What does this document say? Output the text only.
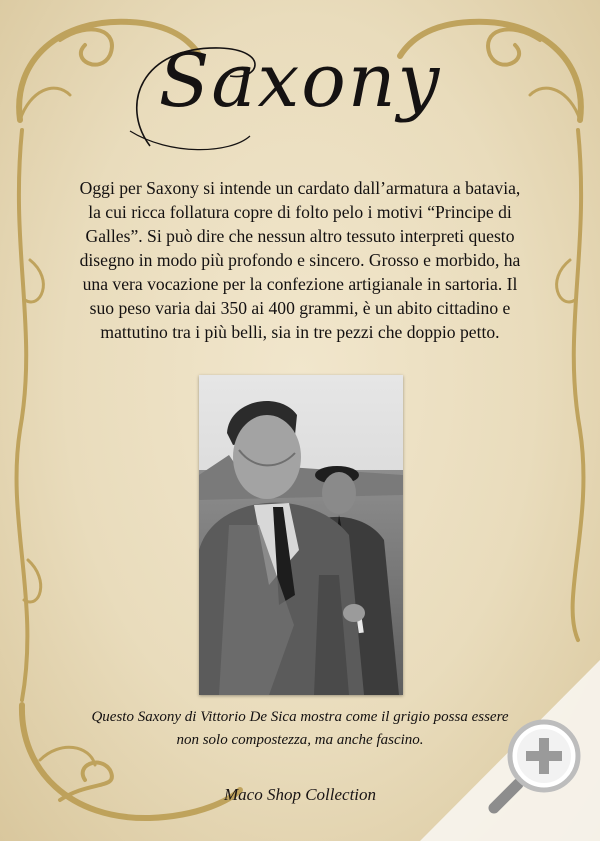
Saxony
Oggi per Saxony si intende un cardato dall’armatura a batavia,
la cui ricca follatura copre di folto pelo i motivi “Principe di
Galles”. Si può dire che nessun altro tessuto interpreti questo
disegno in modo più profondo e sincero. Grosso e morbido, ha
una vera vocazione per la confezione artigianale in sartoria. Il
suo peso varia dai 350 ai 400 grammi, è un abito cittadino e
mattutino tra i più belli, sia in tre pezzi che doppio petto.
Questo Saxony di Vittorio De Sica mostra come il grigio possa essere
non solo compostezza, ma anche fascino.
Maco Shop Collection
